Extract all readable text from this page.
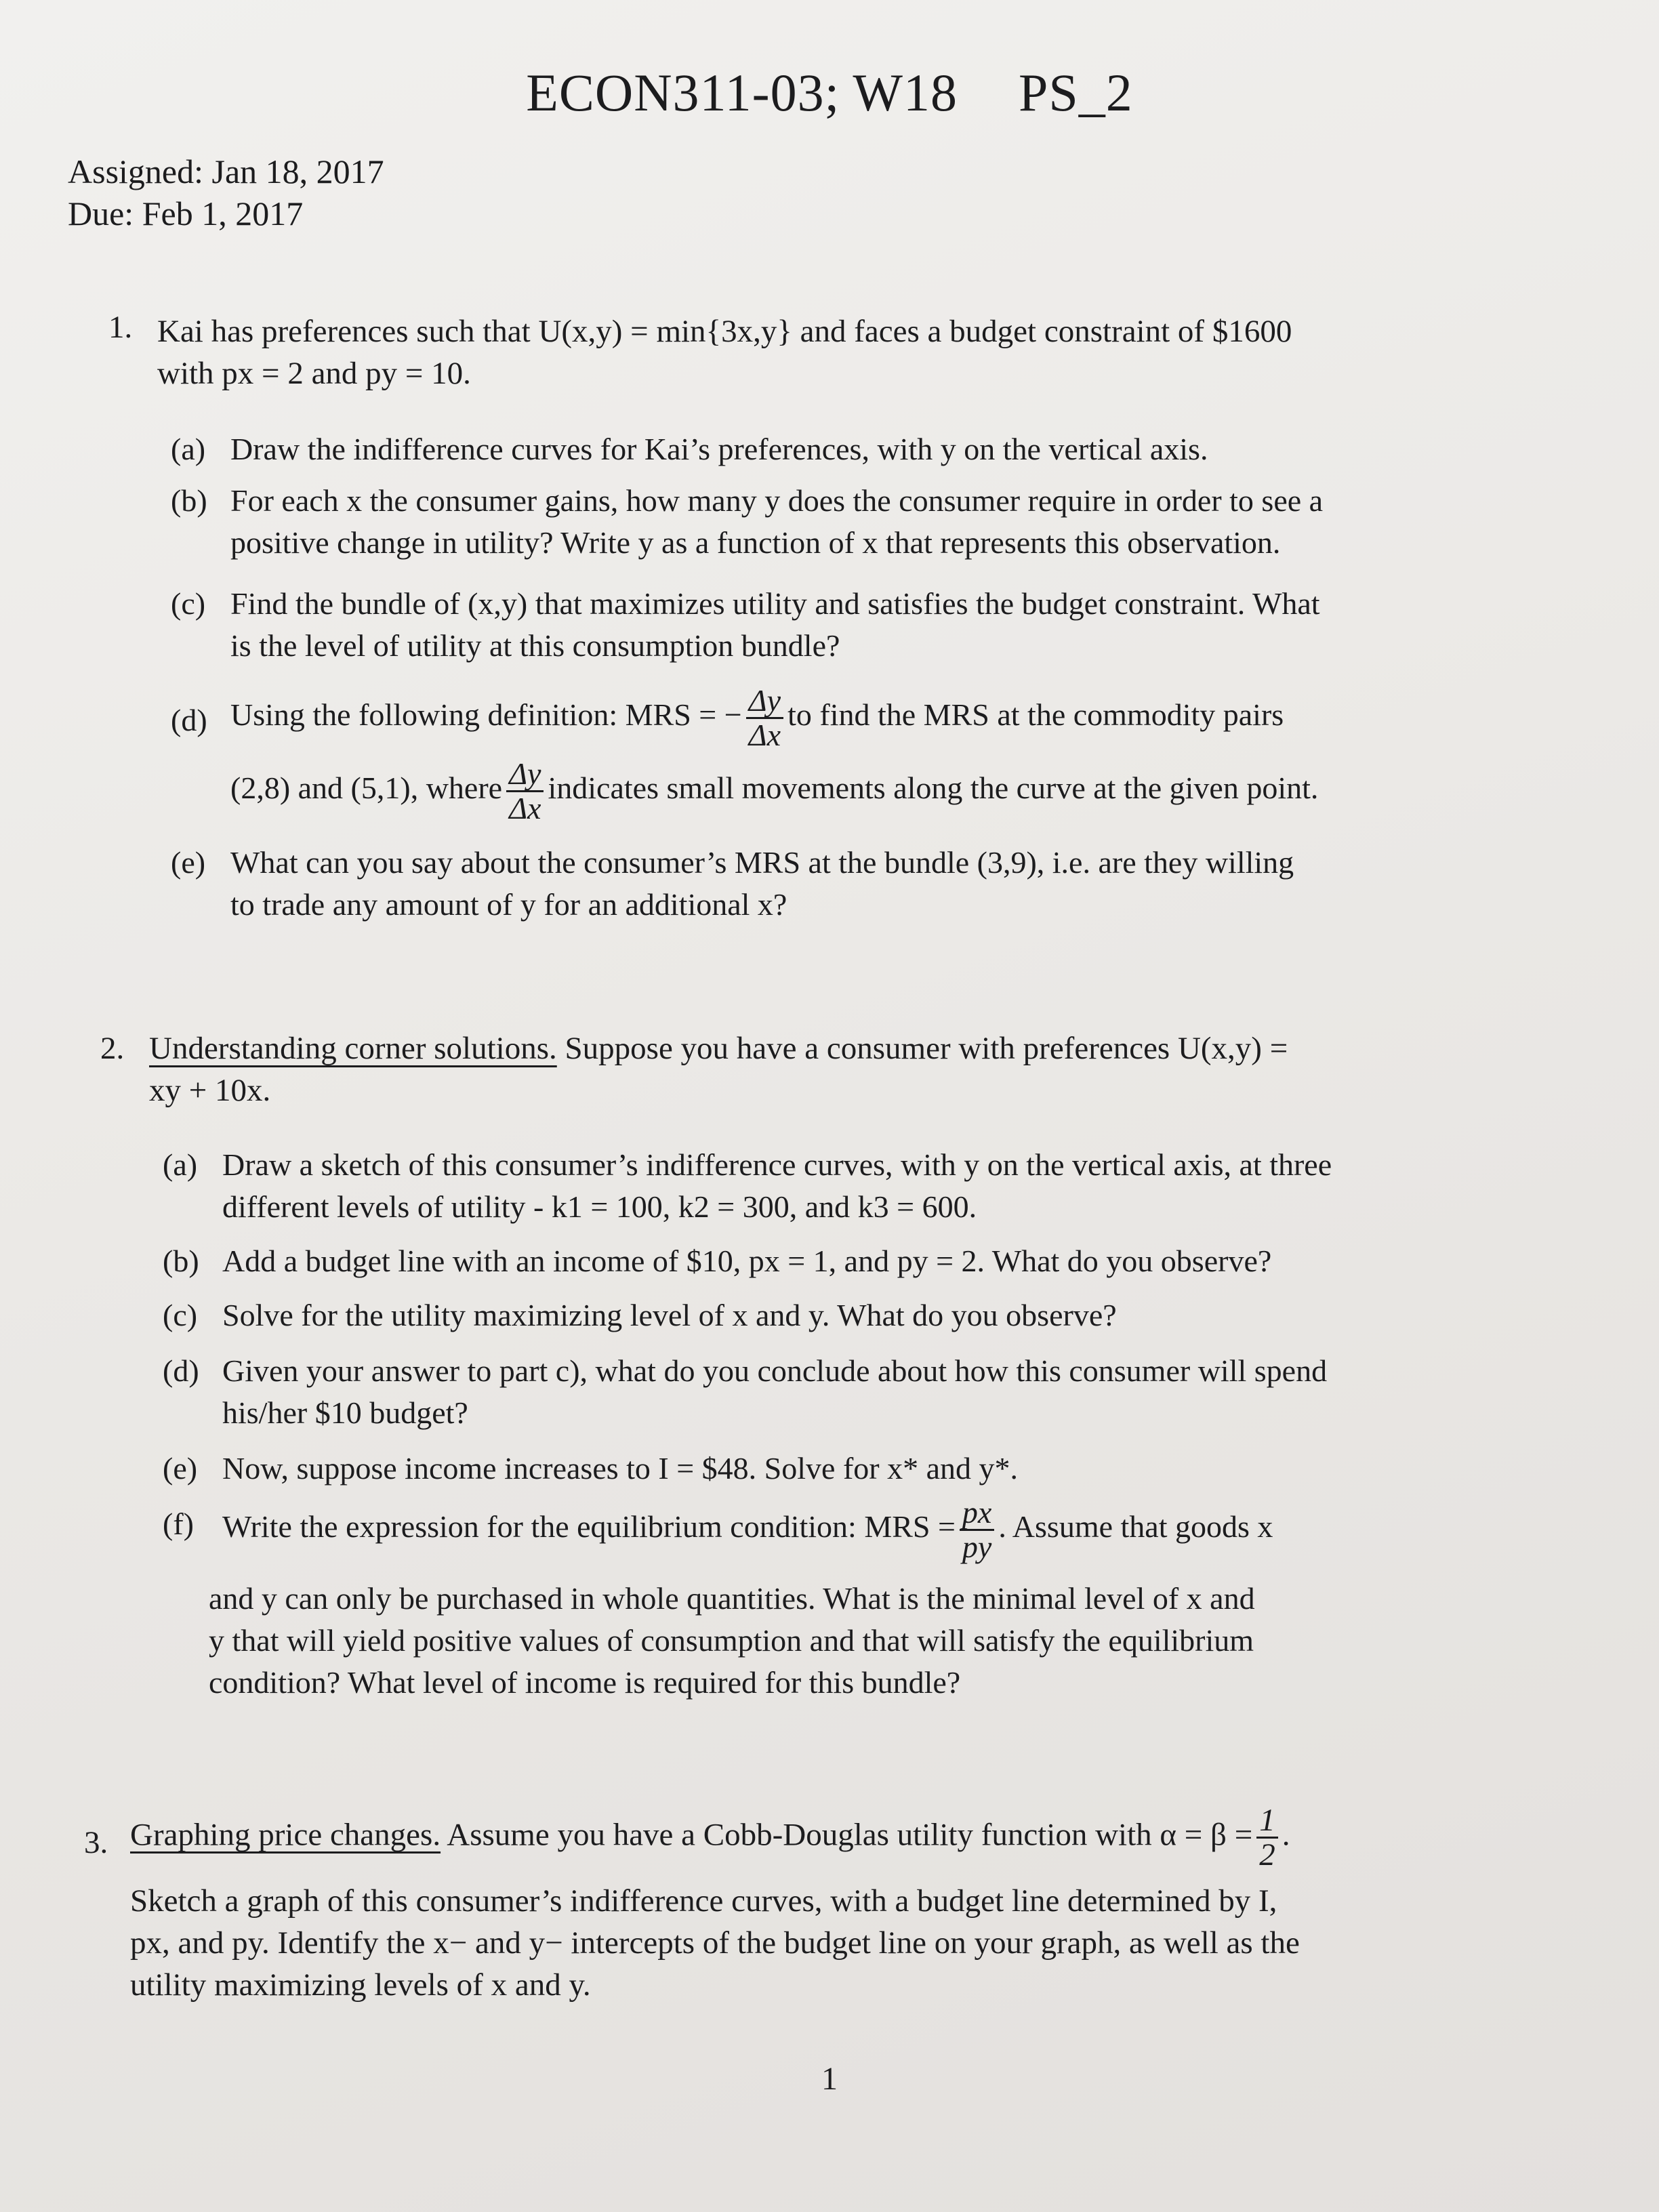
ECON311-03; W18 PS_2
Assigned: Jan 18, 2017
Due: Feb 1, 2017
1. Kai has preferences such that U(x,y) = min{3x,y} and faces a budget constraint of $1600
with px = 2 and py = 10.
(a) Draw the indifference curves for Kai’s preferences, with y on the vertical axis.
(b) For each x the consumer gains, how many y does the consumer require in order to see a
positive change in utility? Write y as a function of x that represents this observation.
(c) Find the bundle of (x,y) that maximizes utility and satisfies the budget constraint. What
is the level of utility at this consumption bundle?
(d) Using the following definition: MRS = − $\frac{\Delta y}{\Delta x}$ to find the MRS at the commodity pairs
(2,8) and (5,1), where $\frac{\Delta y}{\Delta x}$ indicates small movements along the curve at the given point.
(e) What can you say about the consumer’s MRS at the bundle (3,9), i.e. are they willing
to trade any amount of y for an additional x?
2. Understanding corner solutions. Suppose you have a consumer with preferences U(x,y) =
xy + 10x.
(a) Draw a sketch of this consumer’s indifference curves, with y on the vertical axis, at three
different levels of utility - k1 = 100, k2 = 300, and k3 = 600.
(b) Add a budget line with an income of $10, px = 1, and py = 2. What do you observe?
(c) Solve for the utility maximizing level of x and y. What do you observe?
(d) Given your answer to part c), what do you conclude about how this consumer will spend
his/her $10 budget?
(e) Now, suppose income increases to I = $48. Solve for x* and y*.
(f) Write the expression for the equilibrium condition: MRS = $\frac{px}{py}$ . Assume that goods x
and y can only be purchased in whole quantities. What is the minimal level of x and
y that will yield positive values of consumption and that will satisfy the equilibrium
condition? What level of income is required for this bundle?
3. Graphing price changes. Assume you have a Cobb-Douglas utility function with $\alpha = \beta = \frac{1}{2}$ .
Sketch a graph of this consumer’s indifference curves, with a budget line determined by I,
px, and py. Identify the x− and y− intercepts of the budget line on your graph, as well as the
utility maximizing levels of x and y.
1
